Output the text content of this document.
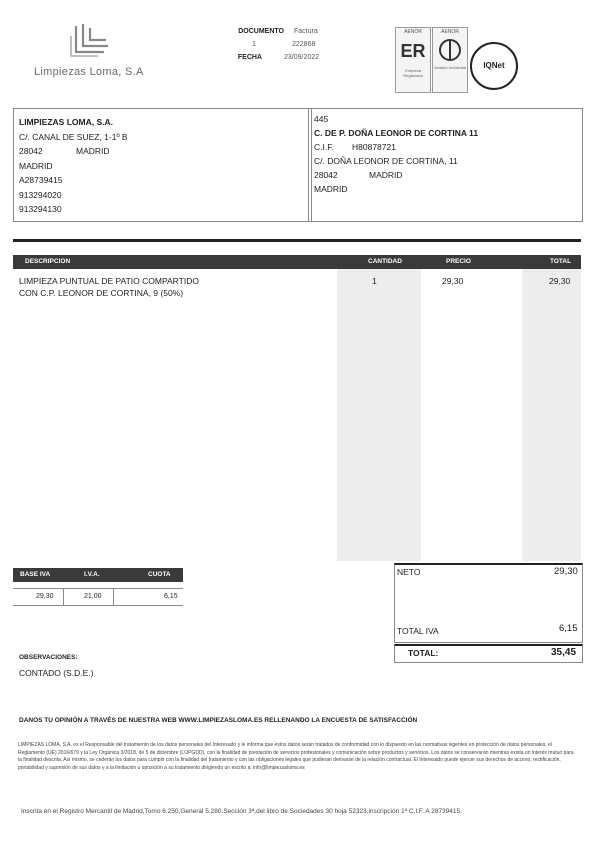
Limpiezas Loma, S.A
DOCUMENTO Factura
1	222868
FECHA	23/09/2022
AENOR
ER
Empresa Registrada
AENOR
Gestión Ambiental	IQNet
LIMPIEZAS LOMA, S.A.
C/. CANAL DE SUEZ, 1-1º B
28042	MADRID
MADRID
A28739415
913294020
913294130
445
C. DE P. DOÑA LEONOR DE CORTINA 11
C.I.F. H80878721
C/. DOÑA LEONOR DE CORTINA, 11
28042	MADRID
MADRID
DESCRIPCION	CANTIDAD	PRECIO	TOTAL
LIMPIEZA PUNTUAL DE PATIO COMPARTIDO
CON C.P. LEONOR DE CORTINA, 9 (50%)
1	29,30	29,30
BASE IVA	I.V.A.	CUOTA
29,30	21,00	6,15
NETO	29,30
TOTAL IVA	6,15
TOTAL:	35,45
OBSERVACIONES:
CONTADO (S.D.E.)
DANOS TU OPINIÓN A TRAVÉS DE NUESTRA WEB WWW.LIMPIEZASLOMA.ES RELLENANDO LA ENCUESTA DE SATISFACCIÓN
LIMPIEZAS LOMA, S.A. es el Responsable del tratamiento de los datos personales del Interesado y le informa que estos datos serán tratados de conformidad con lo dispuesto en las normativas vigentes en protección de datos personales, el Reglamento (UE) 2016/679 y la Ley Orgánica 3/2018, de 5 de diciembre (LOPGDD), con la finalidad de prestación de servicios profesionales y comunicación sobre productos y servicios. Los datos se conservarán mientras exista un interés mutuo para la finalidad descrita. Así mismo, se cederán los datos para cumplir con la finalidad del tratamiento y con las obligaciones legales que pudieran derivarse de la relación contractual. El Interesado puede ejercer sus derechos de acceso, rectificación, portabilidad y supresión de sus datos y a la limitación u oposición a su tratamiento dirigiendo un escrito a: info@limpiezasloma.es
Inscrita en el Registro Mercantil de Madrid,Tomo 6.250,General 5.280,Sección 3ª,del libro de Sociedades 30 hoja 52323,inscripción 1ª C.I.F. A 28739415.
